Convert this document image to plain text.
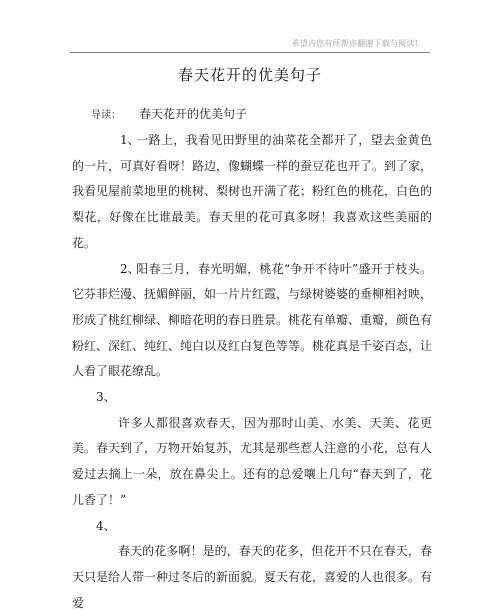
希望内您有所帮亦翻谢下载与阅读!
春天花开的优美句子
导读： 春天花开的优美句子

1、一路上，我看见田野里的油菜花全都开了，望去金黄色的一片，可真好看呀！路边，像蝴蝶一样的蚕豆花也开了。到了家，我看见屋前菜地里的桃树、梨树也开满了花；粉红色的桃花，白色的梨花，好像在比谁最美。春天里的花可真多呀！我喜欢这些美丽的花。

2、阳春三月，春光明媚，桃花“争开不待叶”盛开于枝头。它芬菲烂漫、抚媚鲜丽，如一片片红霞，与绿树婆婆的垂柳相衬映，形成了桃红柳绿、柳暗花明的春日胜景。桃花有单瓣、重瓣，颜色有粉红、深红、纯红、纯白以及红白复色等等。桃花真是千姿百态，让人看了眼花缭乱。

3、

许多人都很喜欢春天，因为那时山美、水美、天美、花更美。春天到了，万物开始复苏，尤其是那些惹人注意的小花，总有人爱过去摘上一朵，放在鼻尖上。还有的总爱嚷上几句“春天到了，花儿香了！”

4、

春天的花多啊！是的，春天的花多，但花开不只在春天，春天只是给人带一种过冬后的新面貌。夏天有花，喜爱的人也很多。有爱
